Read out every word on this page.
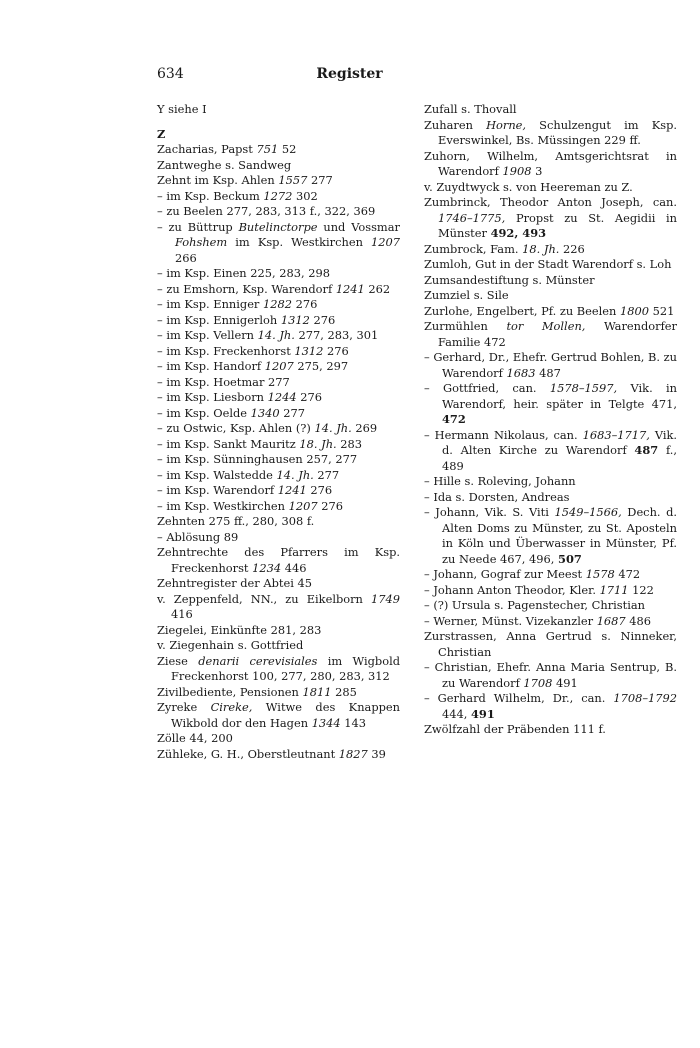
634	Register
Y siehe I
Z
Zacharias, Papst 751 52
Zantweghe s. Sandweg
Zehnt im Ksp. Ahlen 1557 277
– im Ksp. Beckum 1272 302
– zu Beelen 277, 283, 313 f., 322, 369
– zu Büttrup Butelinctorpe und Vossmar Fohshem im Ksp. Westkirchen 1207 266
– im Ksp. Einen 225, 283, 298
– zu Emshorn, Ksp. Warendorf 1241 262
– im Ksp. Enniger 1282 276
– im Ksp. Ennigerloh 1312 276
– im Ksp. Vellern 14. Jh. 277, 283, 301
– im Ksp. Freckenhorst 1312 276
– im Ksp. Handorf 1207 275, 297
– im Ksp. Hoetmar 277
– im Ksp. Liesborn 1244 276
– im Ksp. Oelde 1340 277
– zu Ostwic, Ksp. Ahlen (?) 14. Jh. 269
– im Ksp. Sankt Mauritz 18. Jh. 283
– im Ksp. Sünninghausen 257, 277
– im Ksp. Walstedde 14. Jh. 277
– im Ksp. Warendorf 1241 276
– im Ksp. Westkirchen 1207 276
Zehnten 275 ff., 280, 308 f.
– Ablösung 89
Zehntrechte des Pfarrers im Ksp. Freckenhorst 1234 446
Zehntregister der Abtei 45
v. Zeppenfeld, NN., zu Eikelborn 1749 416
Ziegelei, Einkünfte 281, 283
v. Ziegenhain s. Gottfried
Ziese denarii cerevisiales im Wigbold Freckenhorst 100, 277, 280, 283, 312
Zivilbediente, Pensionen 1811 285
Zyreke Cireke, Witwe des Knappen Wikbold dor den Hagen 1344 143
Zölle 44, 200
Zühleke, G. H., Oberstleutnant 1827 39
Zufall s. Thovall
Zuharen Horne, Schulzengut im Ksp. Everswinkel, Bs. Müssingen 229 ff.
Zuhorn, Wilhelm, Amtsgerichtsrat in Warendorf 1908 3
v. Zuydtwyck s. von Heereman zu Z.
Zumbrinck, Theodor Anton Joseph, can. 1746–1775, Propst zu St. Aegidii in Münster 492, 493
Zumbrock, Fam. 18. Jh. 226
Zumloh, Gut in der Stadt Warendorf s. Loh
Zumsandestiftung s. Münster
Zumziel s. Sile
Zurlohe, Engelbert, Pf. zu Beelen 1800 521
Zurmühlen tor Mollen, Warendorfer Familie 472
– Gerhard, Dr., Ehefr. Gertrud Bohlen, B. zu Warendorf 1683 487
– Gottfried, can. 1578–1597, Vik. in Warendorf, heir. später in Telgte 471, 472
– Hermann Nikolaus, can. 1683–1717, Vik. d. Alten Kirche zu Warendorf 487 f., 489
– Hille s. Roleving, Johann
– Ida s. Dorsten, Andreas
– Johann, Vik. S. Viti 1549–1566, Dech. d. Alten Doms zu Münster, zu St. Aposteln in Köln und Überwasser in Münster, Pf. zu Neede 467, 496, 507
– Johann, Gograf zur Meest 1578 472
– Johann Anton Theodor, Kler. 1711 122
– (?) Ursula s. Pagenstecher, Christian
– Werner, Münst. Vizekanzler 1687 486
Zurstrassen, Anna Gertrud s. Ninneker, Christian
– Christian, Ehefr. Anna Maria Sentrup, B. zu Warendorf 1708 491
– Gerhard Wilhelm, Dr., can. 1708–1792 444, 491
Zwölfzahl der Präbenden 111 f.
